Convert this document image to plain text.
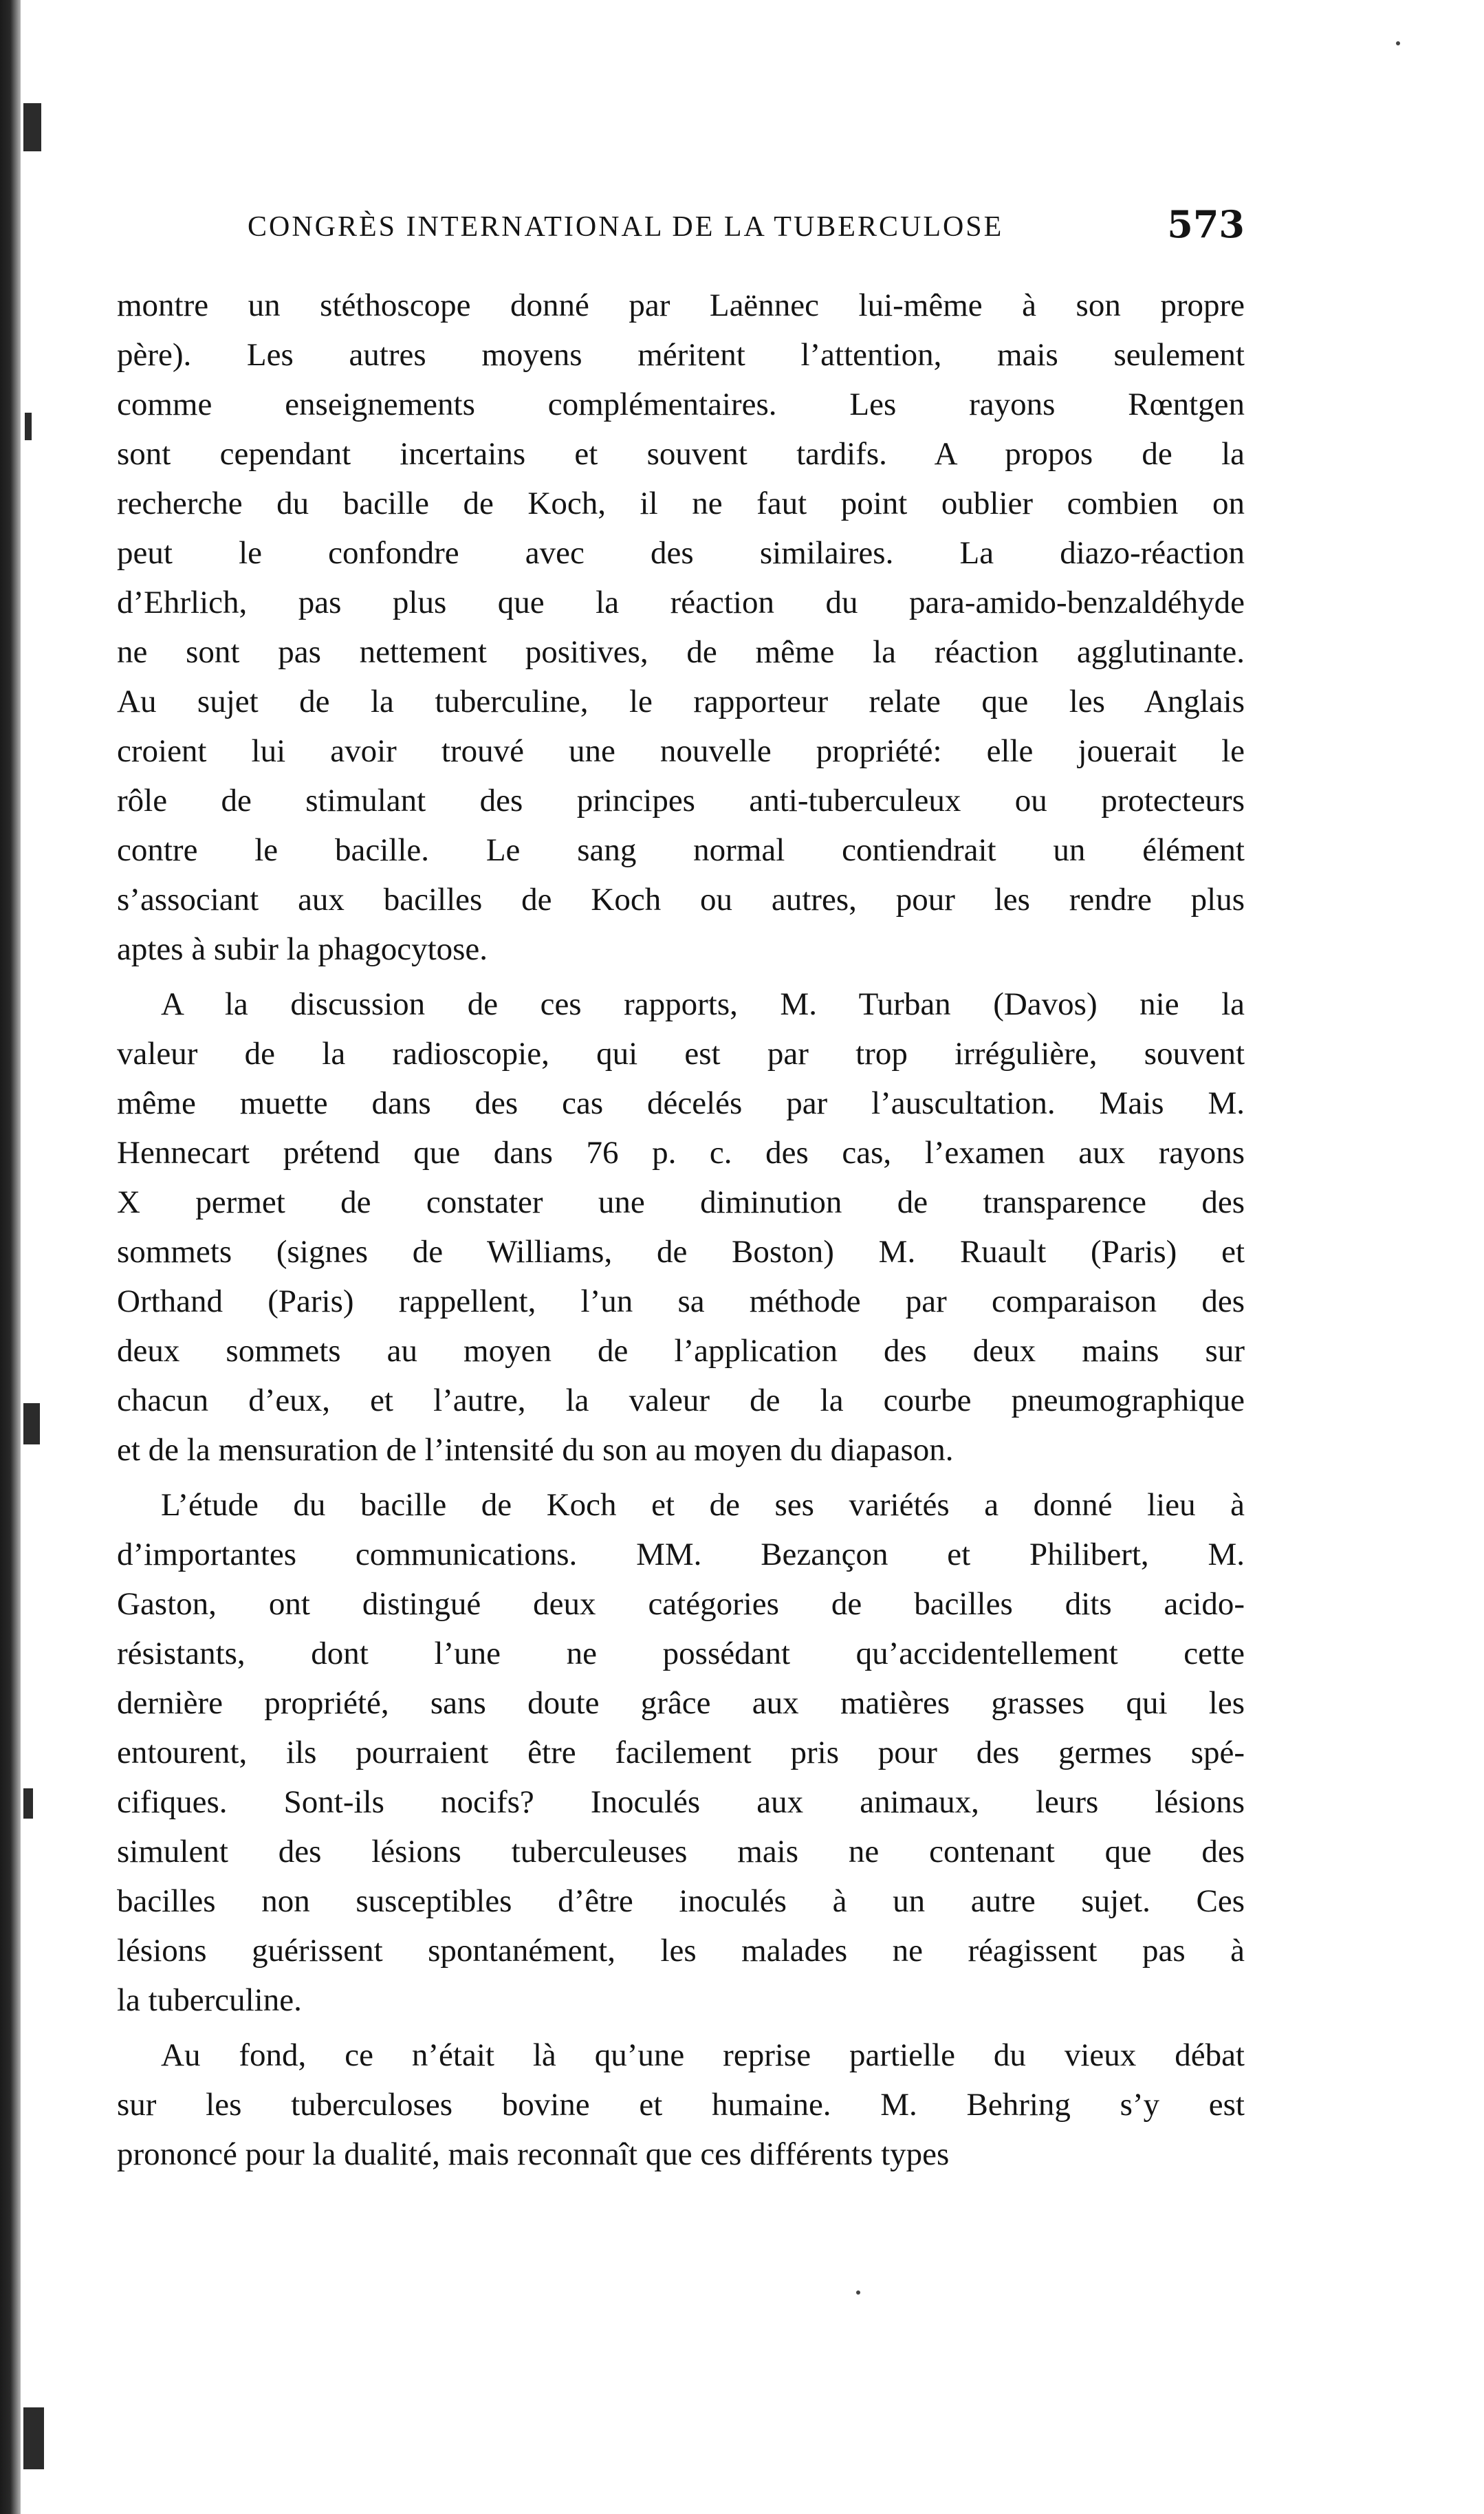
CONGRÈS INTERNATIONAL DE LA TUBERCULOSE	573
montre un stéthoscope donné par Laënnec lui-même à son propre
père). Les autres moyens méritent l’attention, mais seulement
comme enseignements complémentaires. Les rayons Rœntgen
sont cependant incertains et souvent tardifs. A propos de la
recherche du bacille de Koch, il ne faut point oublier combien on
peut le confondre avec des similaires. La diazo-réaction
d’Ehrlich, pas plus que la réaction du para-amido-benzaldéhyde
ne sont pas nettement positives, de même la réaction agglutinante.
Au sujet de la tuberculine, le rapporteur relate que les Anglais
croient lui avoir trouvé une nouvelle propriété: elle jouerait le
rôle de stimulant des principes anti-tuberculeux ou protecteurs
contre le bacille. Le sang normal contiendrait un élément
s’associant aux bacilles de Koch ou autres, pour les rendre plus
aptes à subir la phagocytose.
A la discussion de ces rapports, M. Turban (Davos) nie la
valeur de la radioscopie, qui est par trop irrégulière, souvent
même muette dans des cas décelés par l’auscultation. Mais M.
Hennecart prétend que dans 76 p. c. des cas, l’examen aux rayons
X permet de constater une diminution de transparence des
sommets (signes de Williams, de Boston) M. Ruault (Paris) et
Orthand (Paris) rappellent, l’un sa méthode par comparaison des
deux sommets au moyen de l’application des deux mains sur
chacun d’eux, et l’autre, la valeur de la courbe pneumographique
et de la mensuration de l’intensité du son au moyen du diapason.
L’étude du bacille de Koch et de ses variétés a donné lieu à
d’importantes communications. MM. Bezançon et Philibert, M.
Gaston, ont distingué deux catégories de bacilles dits acido-
résistants, dont l’une ne possédant qu’accidentellement cette
dernière propriété, sans doute grâce aux matières grasses qui les
entourent, ils pourraient être facilement pris pour des germes spé-
cifiques. Sont-ils nocifs? Inoculés aux animaux, leurs lésions
simulent des lésions tuberculeuses mais ne contenant que des
bacilles non susceptibles d’être inoculés à un autre sujet. Ces
lésions guérissent spontanément, les malades ne réagissent pas à
la tuberculine.
Au fond, ce n’était là qu’une reprise partielle du vieux débat
sur les tuberculoses bovine et humaine. M. Behring s’y est
prononcé pour la dualité, mais reconnaît que ces différents types
